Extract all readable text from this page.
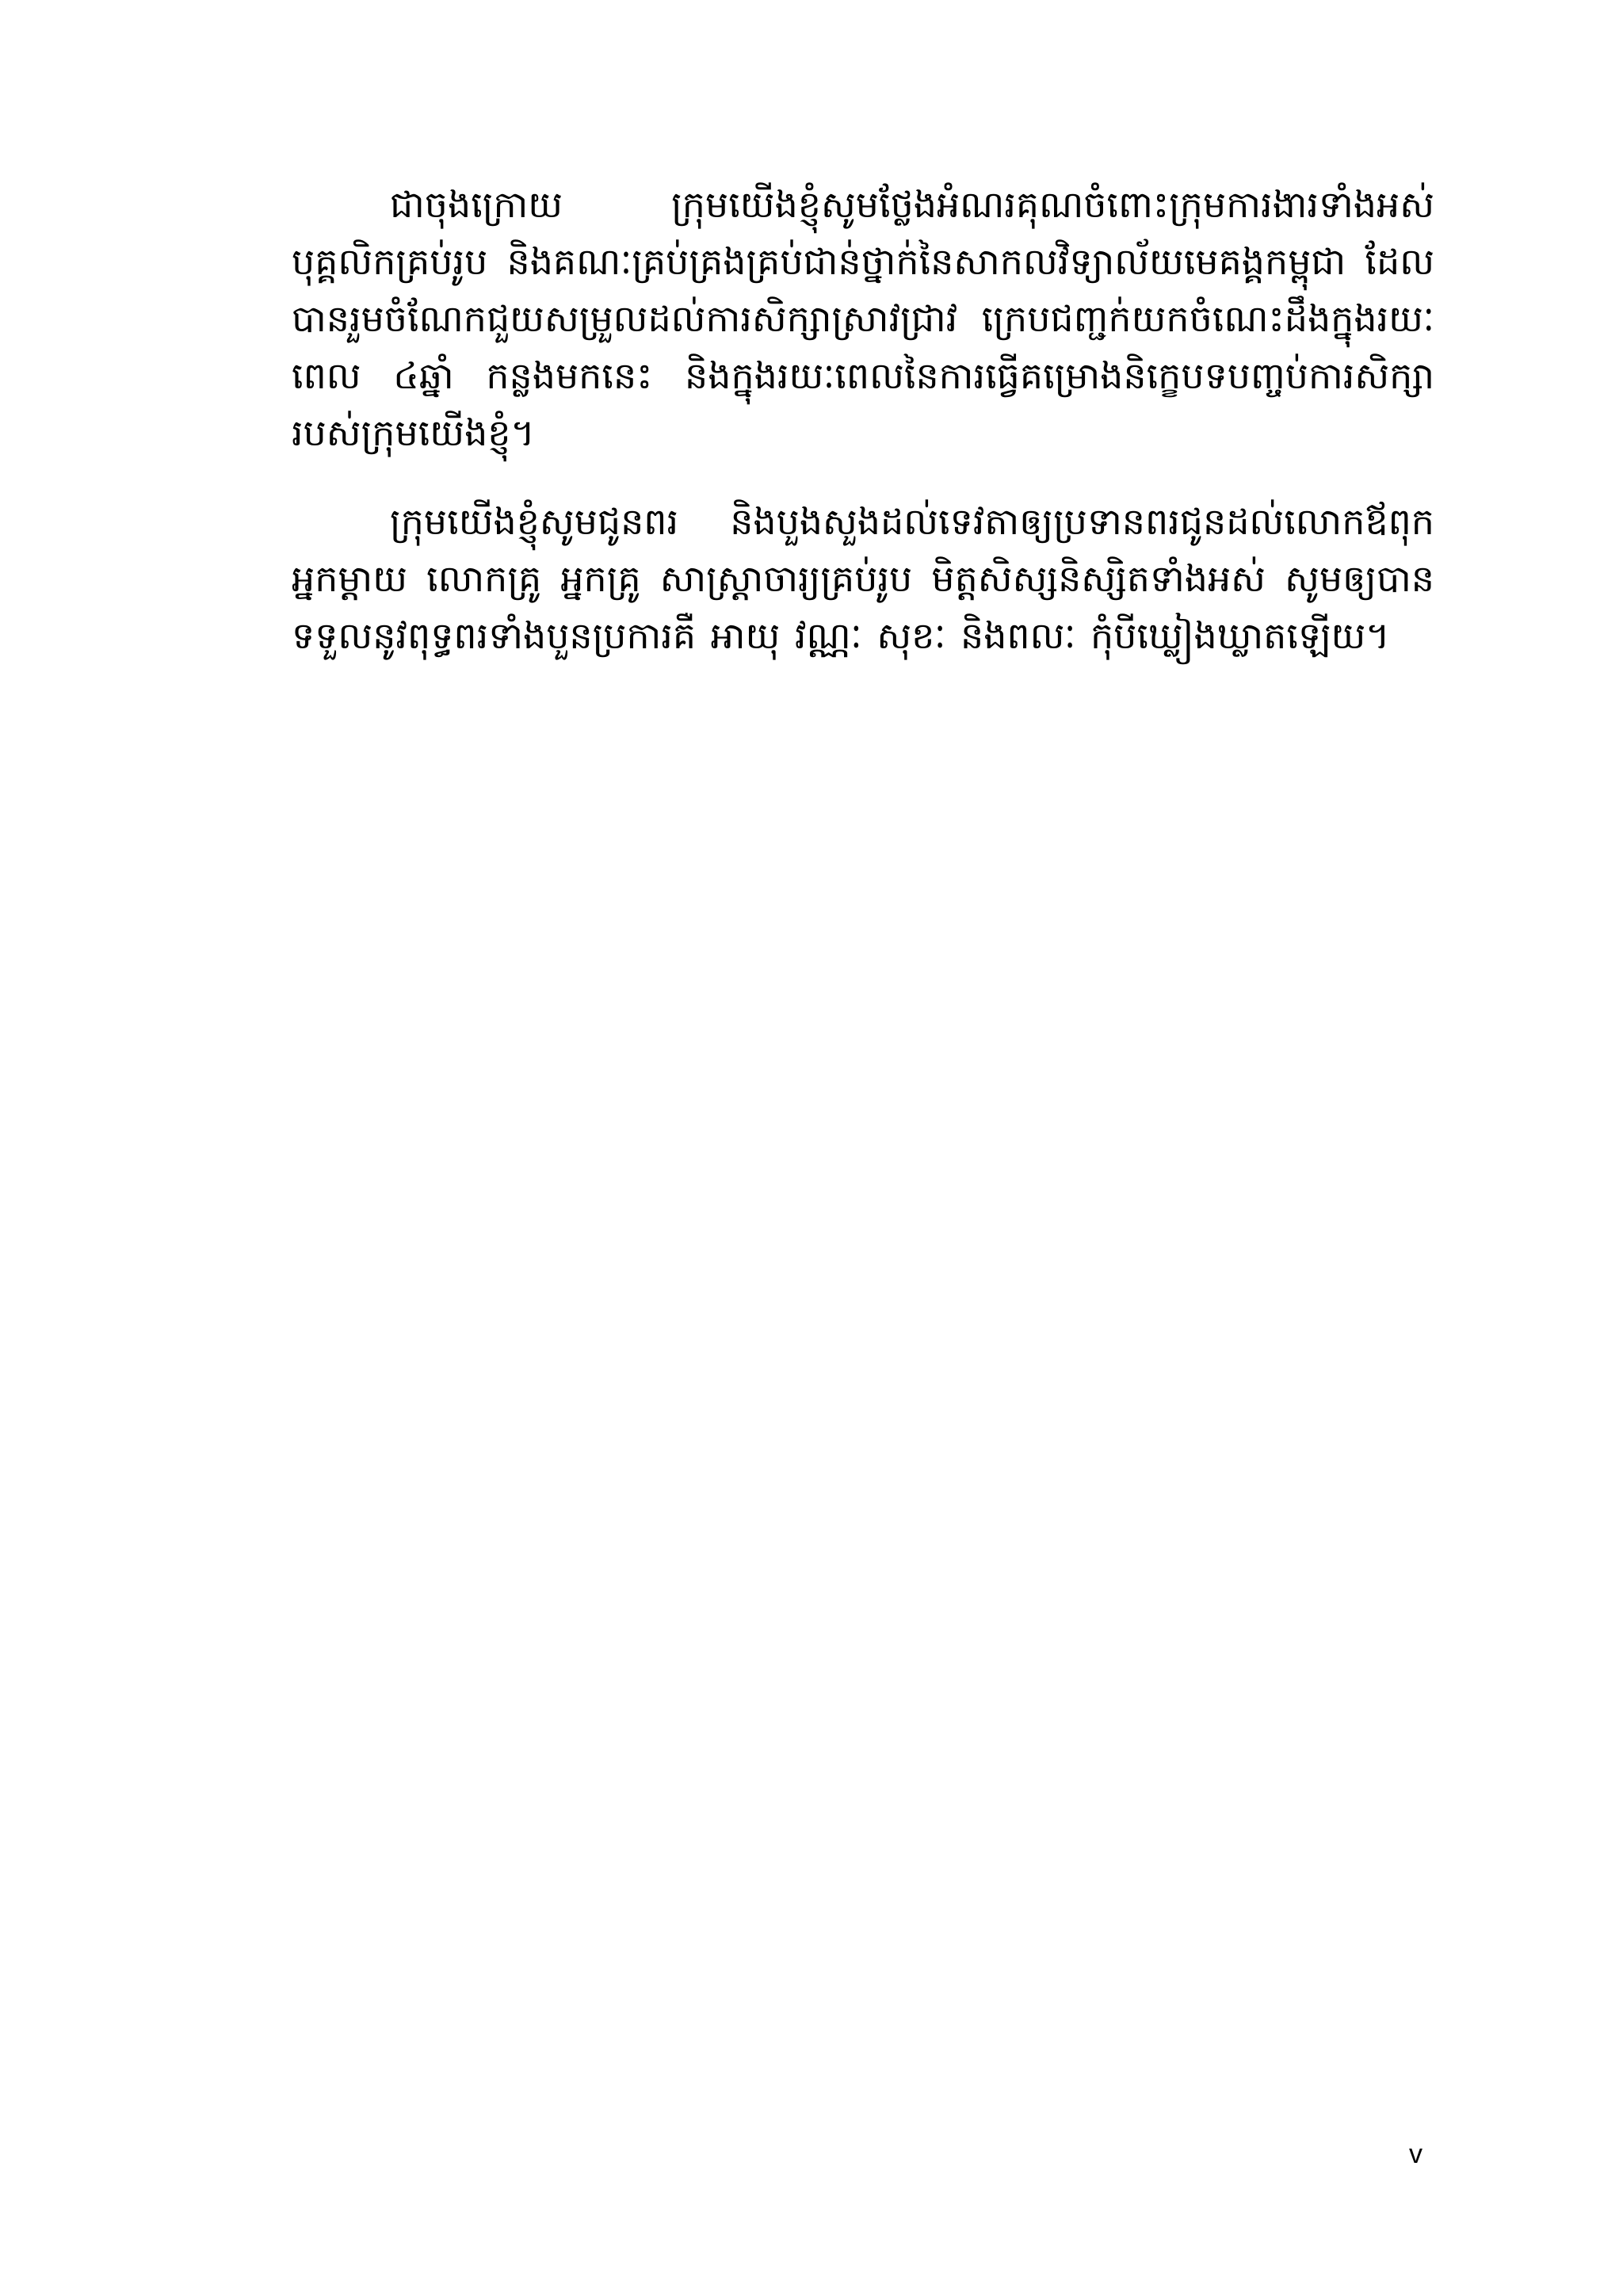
ជាចុងក្រោយ ក្រុមយើងខ្ញុំសូមថ្លែងអំណរគុណចំពោះក្រុមការងារទាំងអស់ បុគ្គលិកគ្រប់រូប និងគណៈគ្រប់គ្រងគ្រប់ជាន់ថ្នាក់នៃសាកលវិទ្យាល័យមេគង្គកម្ពុជា ដែលបានរួមចំណែកជួយសម្រួលដល់ការសិក្សាស្រាវជ្រាវ ក្រេបជញ្ជក់យកចំណេះដឹងក្នុងរយៈពេល ៤ឆ្នាំ កន្លងមកនេះ និងក្នុងរយៈពេលនៃការធ្វើគម្រោងនិក្ខេបទបញ្ចប់ការសិក្សារបស់ក្រុមយើងខ្ញុំ។

ក្រុមយើងខ្ញុំសូមជូនពរ និងបួងសួងដល់ទេវតាឲ្យប្រទានពរជូនដល់លោកឪពុក អ្នកម្តាយ លោកគ្រូ អ្នកគ្រូ សាស្ត្រាចារ្យគ្រប់រូប មិត្តសិស្សនិស្សិតទាំងអស់ សូមឲ្យបានទទួលនូវពុទ្ធពរទាំងបួនប្រការគឺ អាយុ វណ្ណៈ សុខៈ និងពលៈ កុំបីឃ្លៀងឃ្លាតឡើយ។

v
